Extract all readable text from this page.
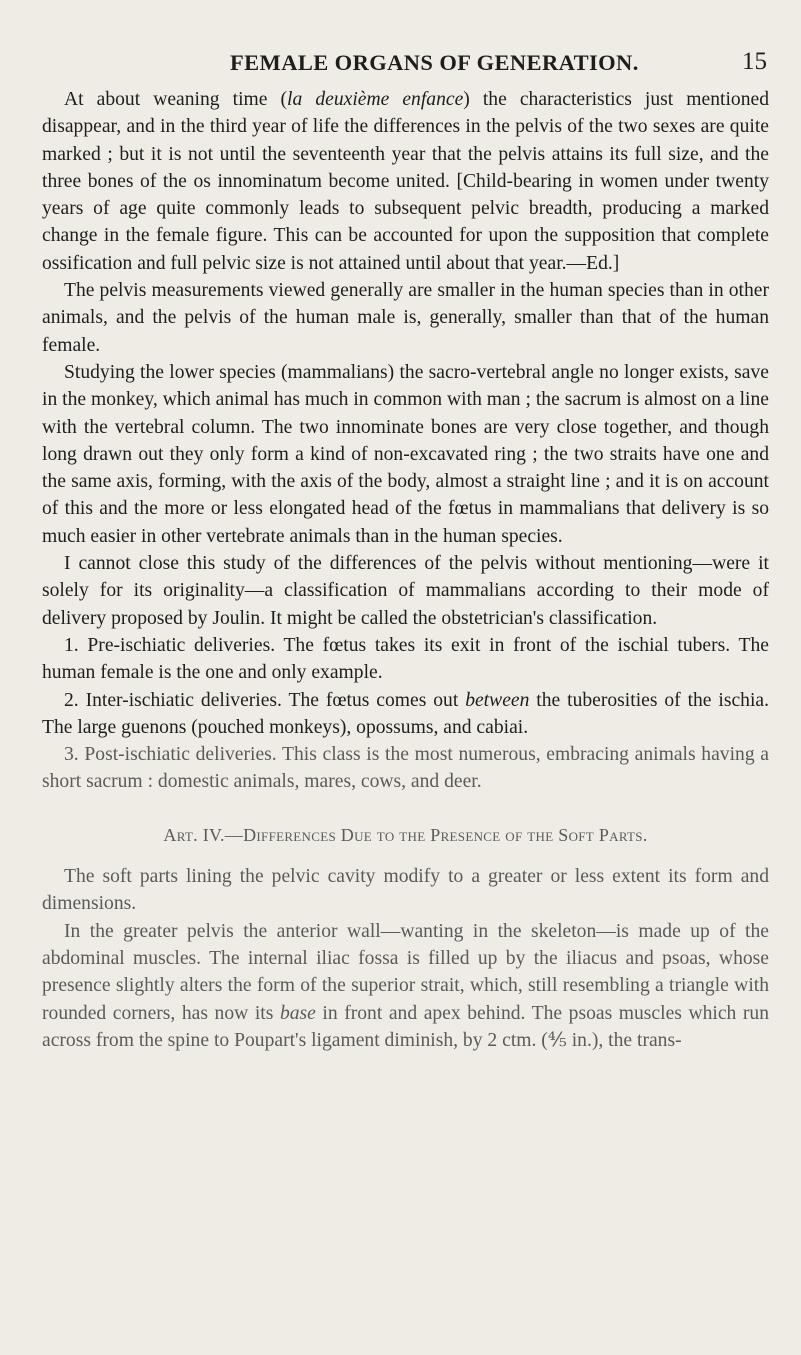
FEMALE ORGANS OF GENERATION.	15

At about weaning time (la deuxième enfance) the characteristics just mentioned disappear, and in the third year of life the differences in the pelvis of the two sexes are quite marked ; but it is not until the seventeenth year that the pelvis attains its full size, and the three bones of the os innominatum become united. [Child-bearing in women under twenty years of age quite commonly leads to subsequent pelvic breadth, producing a marked change in the female figure. This can be accounted for upon the supposition that complete ossification and full pelvic size is not attained until about that year.—Ed.]

The pelvis measurements viewed generally are smaller in the human species than in other animals, and the pelvis of the human male is, generally, smaller than that of the human female.

Studying the lower species (mammalians) the sacro-vertebral angle no longer exists, save in the monkey, which animal has much in common with man ; the sacrum is almost on a line with the vertebral column. The two innominate bones are very close together, and though long drawn out they only form a kind of non-excavated ring ; the two straits have one and the same axis, forming, with the axis of the body, almost a straight line ; and it is on account of this and the more or less elongated head of the fœtus in mammalians that delivery is so much easier in other vertebrate animals than in the human species.

I cannot close this study of the differences of the pelvis without mentioning—were it solely for its originality—a classification of mammalians according to their mode of delivery proposed by Joulin. It might be called the obstetrician's classification.

1. Pre-ischiatic deliveries. The fœtus takes its exit in front of the ischial tubers. The human female is the one and only example.

2. Inter-ischiatic deliveries. The fœtus comes out between the tuberosities of the ischia. The large guenons (pouched monkeys), opossums, and cabiai.

3. Post-ischiatic deliveries. This class is the most numerous, embracing animals having a short sacrum : domestic animals, mares, cows, and deer.

Art. IV.—Differences Due to the Presence of the Soft Parts.

The soft parts lining the pelvic cavity modify to a greater or less extent its form and dimensions.

In the greater pelvis the anterior wall—wanting in the skeleton—is made up of the abdominal muscles. The internal iliac fossa is filled up by the iliacus and psoas, whose presence slightly alters the form of the superior strait, which, still resembling a triangle with rounded corners, has now its base in front and apex behind. The psoas muscles which run across from the spine to Poupart's ligament diminish, by 2 ctm. (⅘ in.), the trans-
